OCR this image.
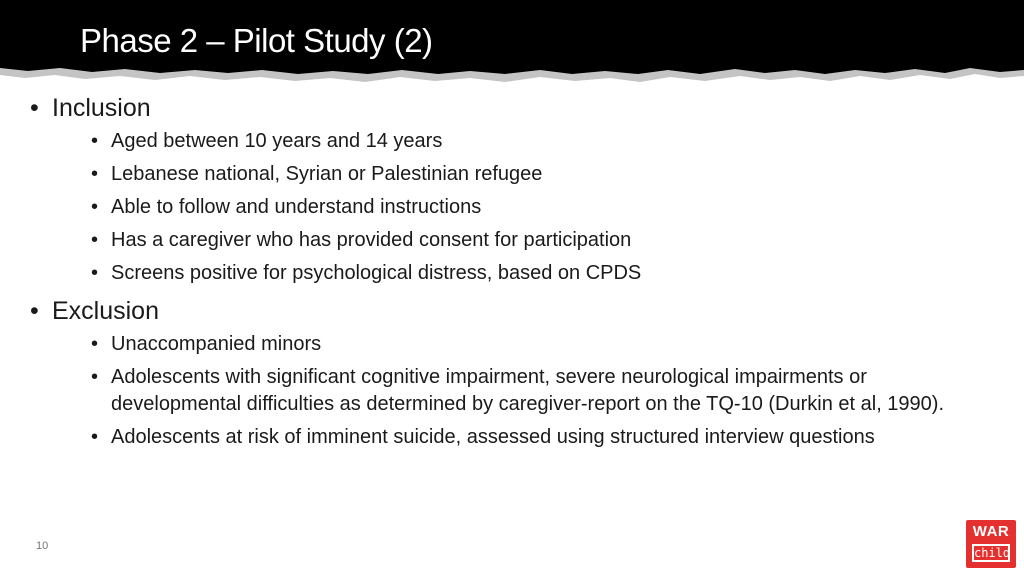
Phase 2 – Pilot Study (2)
• Inclusion
• Aged between 10 years and 14 years
• Lebanese national, Syrian or Palestinian refugee
• Able to follow and understand instructions
• Has a caregiver who has provided consent for participation
• Screens positive for psychological distress, based on CPDS
• Exclusion
• Unaccompanied minors
• Adolescents with significant cognitive impairment, severe neurological impairments or developmental difficulties as determined by caregiver-report on the TQ-10 (Durkin et al, 1990).
• Adolescents at risk of imminent suicide, assessed using structured interview questions
10
WAR
child
